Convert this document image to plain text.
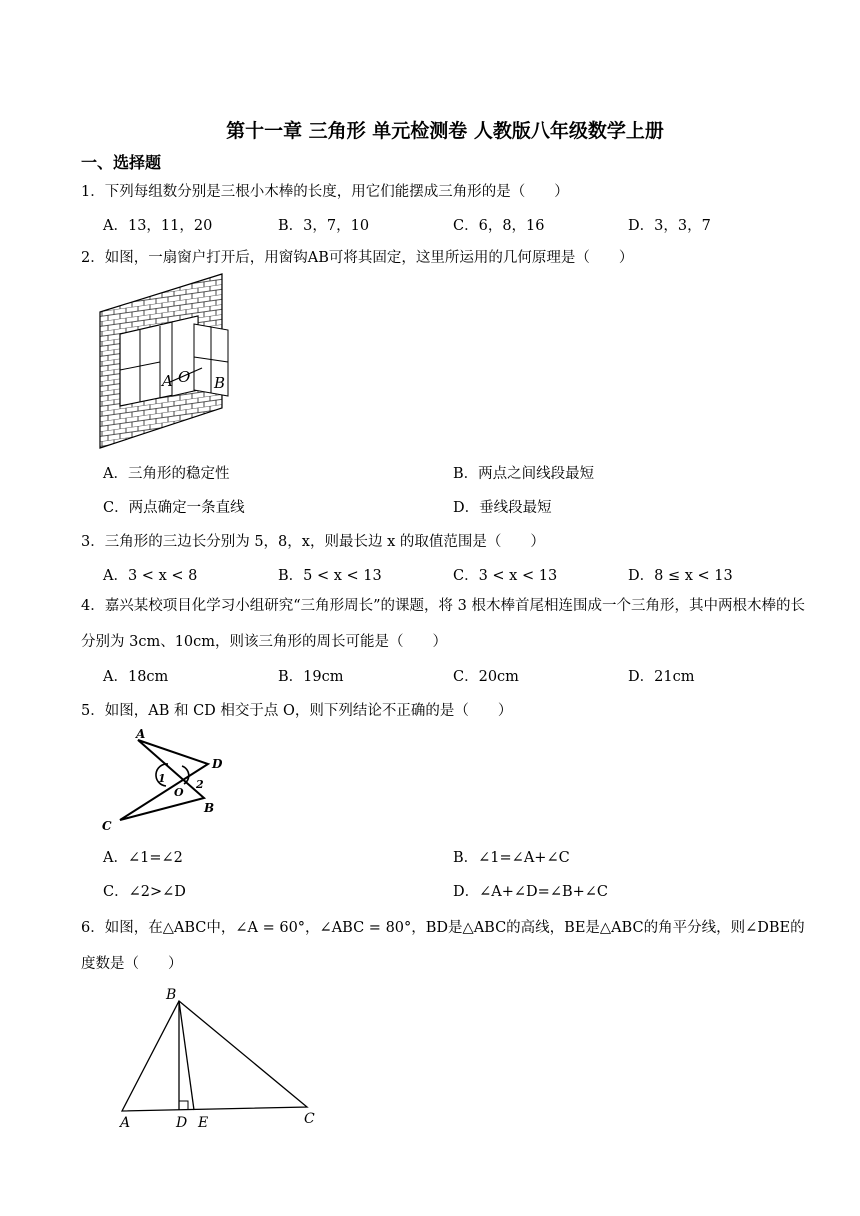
第十一章 三角形 单元检测卷 人教版八年级数学上册
一、选择题
1．下列每组数分别是三根小木棒的长度，用它们能摆成三角形的是（　　）
A．13，11，20	B．3，7，10	C．6，8，16	D．3，3，7
2．如图，一扇窗户打开后，用窗钩AB可将其固定，这里所运用的几何原理是（　　）
A O B
A．三角形的稳定性	B．两点之间线段最短
C．两点确定一条直线	D．垂线段最短
3．三角形的三边长分别为 5，8，x，则最长边 x 的取值范围是（　　）
A．3 < x < 8	B．5 < x < 13	C．3 < x < 13	D．8 ≤ x < 13
4．嘉兴某校项目化学习小组研究“三角形周长”的课题，将 3 根木棒首尾相连围成一个三角形，其中两根木棒的长分别为 3cm、10cm，则该三角形的周长可能是（　　）
A．18cm	B．19cm	C．20cm	D．21cm
5．如图，AB 和 CD 相交于点 O，则下列结论不正确的是（　　）
A
D
1	2
O
B
C
A．∠1=∠2	B．∠1=∠A+∠C
C．∠2>∠D	D．∠A+∠D=∠B+∠C
6．如图，在△ABC中，∠A = 60°，∠ABC = 80°，BD是△ABC的高线，BE是△ABC的角平分线，则∠DBE的度数是（　　）
B
A	D E	C
